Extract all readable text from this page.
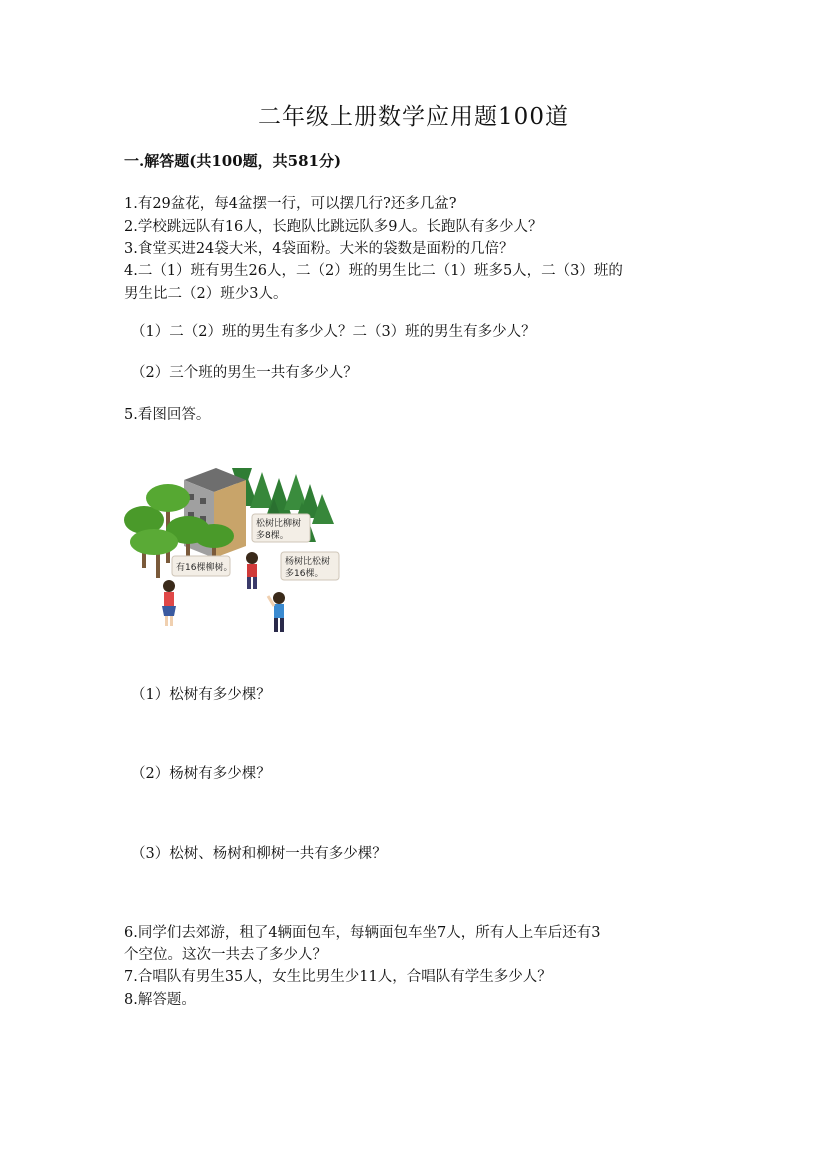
二年级上册数学应用题100道
一.解答题(共100题，共581分)
1.有29盆花，每4盆摆一行，可以摆几行?还多几盆?
2.学校跳远队有16人，长跑队比跳远队多9人。长跑队有多少人？
3.食堂买进24袋大米，4袋面粉。大米的袋数是面粉的几倍？
4.二（1）班有男生26人，二（2）班的男生比二（1）班多5人，二（3）班的
男生比二（2）班少3人。
（1）二（2）班的男生有多少人？二（3）班的男生有多少人？
（2）三个班的男生一共有多少人？
5.看图回答。
有16棵柳树。
松树比柳树
多8棵。
杨树比松树
多16棵。
（1）松树有多少棵？
（2）杨树有多少棵？
（3）松树、杨树和柳树一共有多少棵？
6.同学们去郊游，租了4辆面包车，每辆面包车坐7人，所有人上车后还有3
个空位。这次一共去了多少人？
7.合唱队有男生35人，女生比男生少11人，合唱队有学生多少人？
8.解答题。
